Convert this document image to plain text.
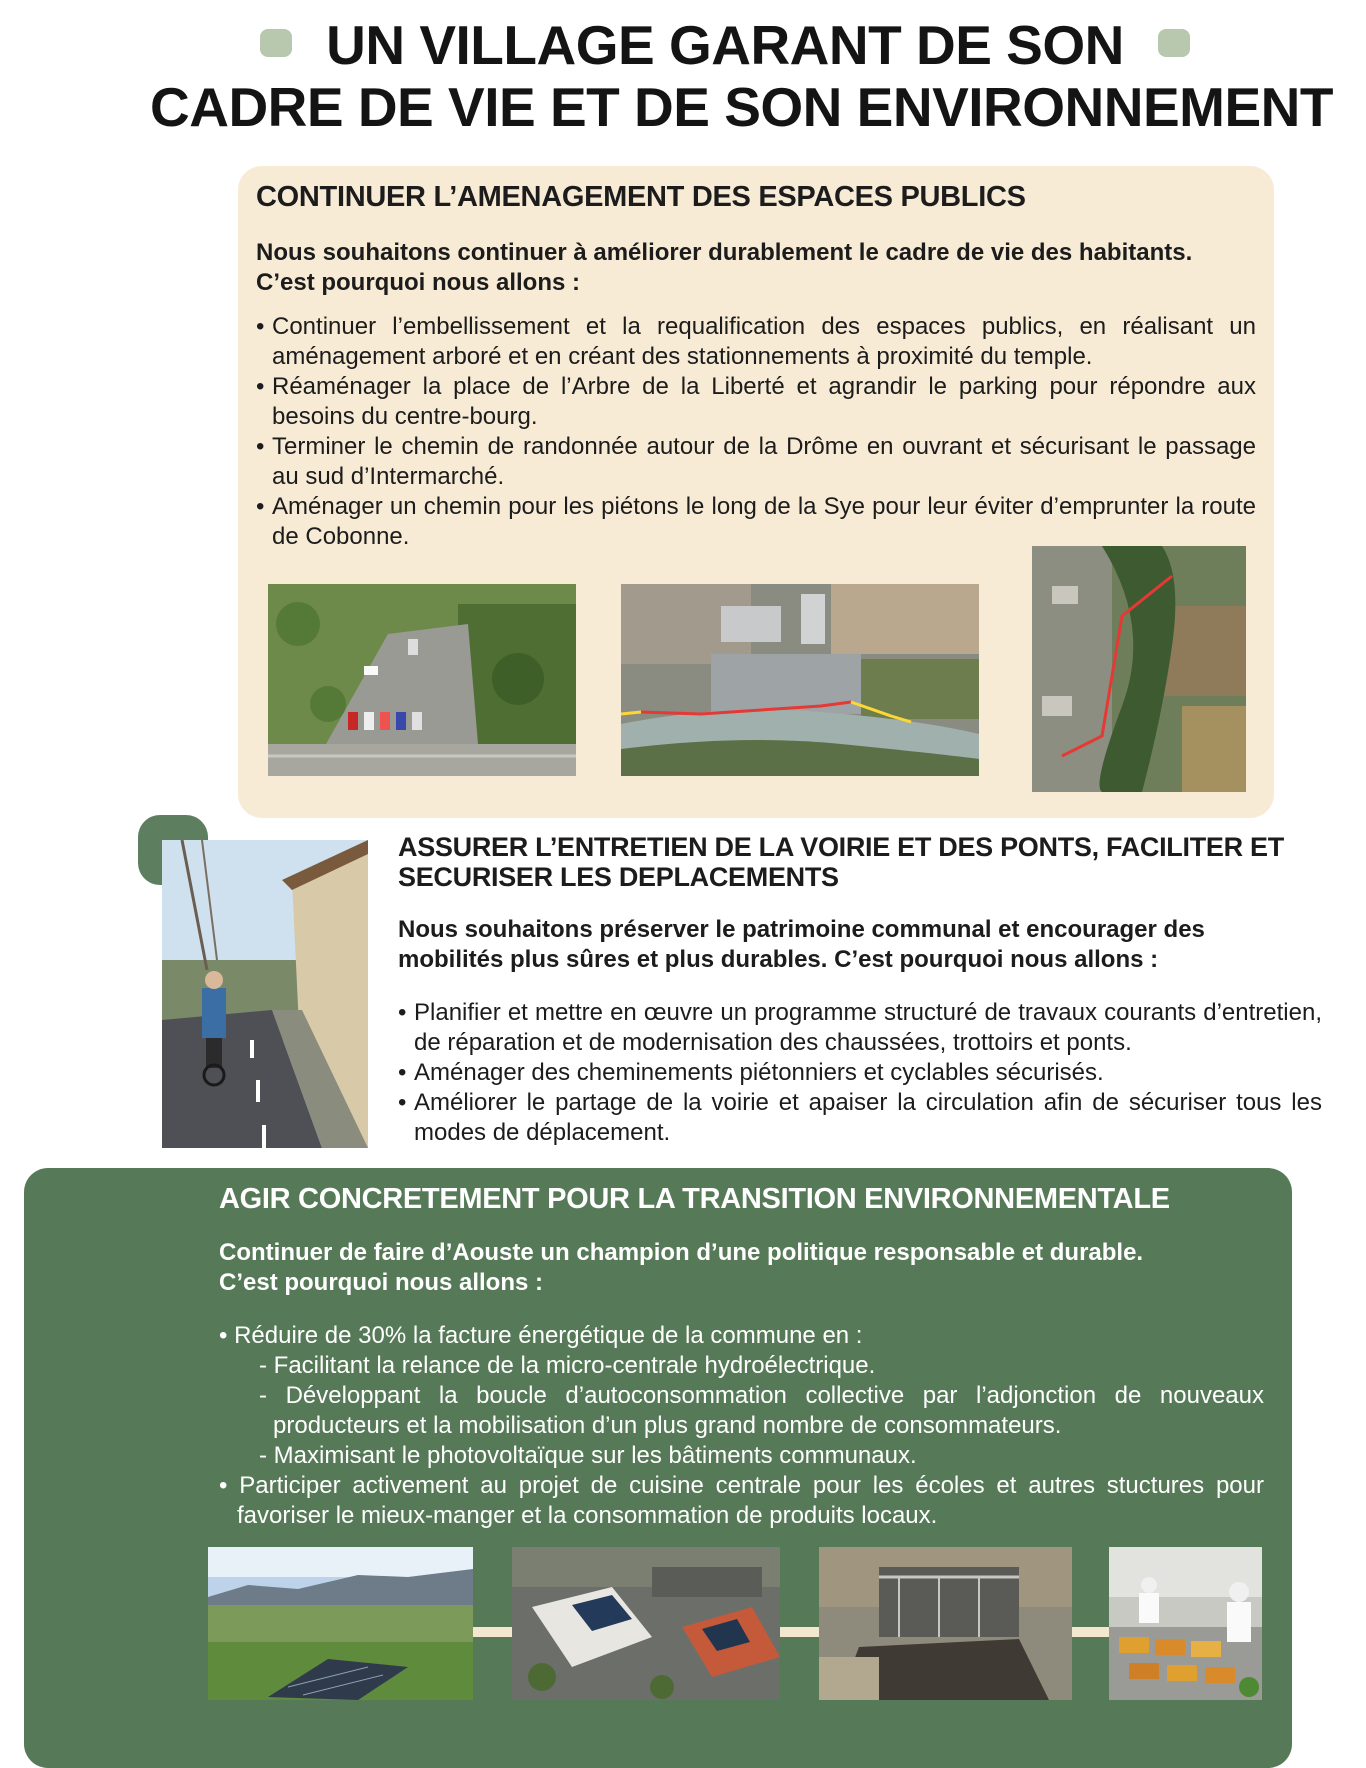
UN VILLAGE GARANT DE SON
CADRE DE VIE ET DE SON ENVIRONNEMENT
CONTINUER L’AMENAGEMENT DES ESPACES PUBLICS

Nous souhaitons continuer à améliorer durablement le cadre de vie des habitants.
C’est pourquoi nous allons :

• Continuer l’embellissement et la requalification des espaces publics, en réalisant un aménagement arboré et en créant des stationnements à proximité du temple.
• Réaménager la place de l’Arbre de la Liberté et agrandir le parking pour répondre aux besoins du centre-bourg.
• Terminer le chemin de randonnée autour de la Drôme en ouvrant et sécurisant le passage au sud d’Intermarché.
• Aménager un chemin pour les piétons le long de la Sye pour leur éviter d’emprunter la route de Cobonne.
ASSURER L’ENTRETIEN DE LA VOIRIE ET DES PONTS, FACILITER ET
SECURISER LES DEPLACEMENTS

Nous souhaitons préserver le patrimoine communal et encourager des
mobilités plus sûres et plus durables. C’est pourquoi nous allons :

• Planifier et mettre en œuvre un programme structuré de travaux courants d’entretien, de réparation et de modernisation des chaussées, trottoirs et ponts.
• Aménager des cheminements piétonniers et cyclables sécurisés.
• Améliorer le partage de la voirie et apaiser la circulation afin de sécuriser tous les modes de déplacement.
AGIR CONCRETEMENT POUR LA TRANSITION ENVIRONNEMENTALE

Continuer de faire d’Aouste un champion d’une politique responsable et durable.
C’est pourquoi nous allons :

• Réduire de 30% la facture énergétique de la commune en :
- Facilitant la relance de la micro-centrale hydroélectrique.
- Développant la boucle d’autoconsommation collective par l’adjonction de nouveaux producteurs et la mobilisation d’un plus grand nombre de consommateurs.
- Maximisant le photovoltaïque sur les bâtiments communaux.
• Participer activement au projet de cuisine centrale pour les écoles et autres stuctures pour favoriser le mieux-manger et la consommation de produits locaux.
